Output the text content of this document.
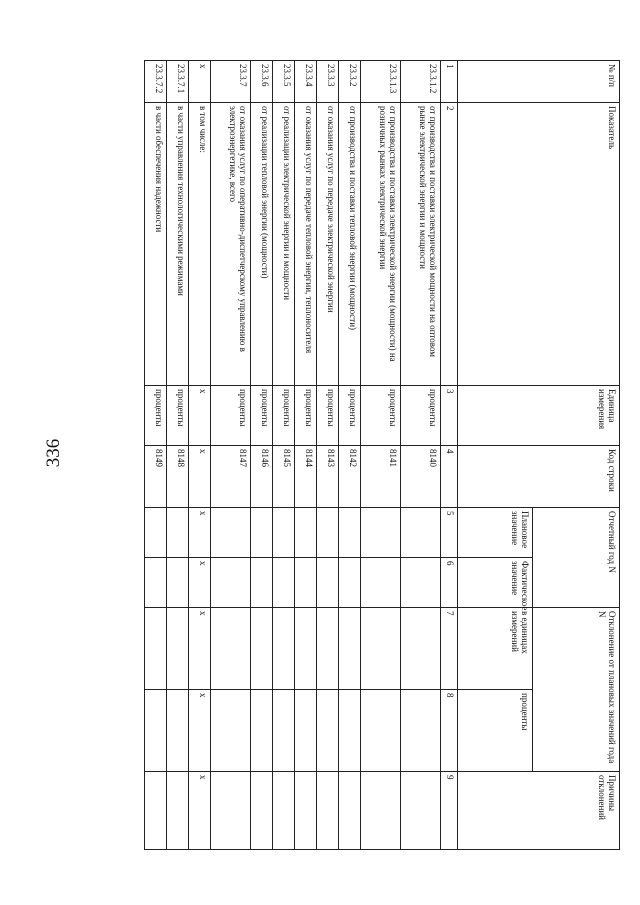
336
№ п/п	Показатель	Единица измерения	Код строки	Отчетный год N		Отклонение от плановых значений года N		Причины отклонений
				Плановое значение	Фактическое значение	в единицах измерений	проценты	
1	2	3	4	5	6	7	8	9
23.3.1.2	от производства и поставки электрической мощности на оптовом рынке электрической энергии и мощности	проценты	8140					
23.3.1.3	от производства и поставки электрической энергии (мощности) на розничных рынках электрической энергии	проценты	8141					
23.3.2	от производства и поставки тепловой энергии (мощности)	проценты	8142					
23.3.3	от оказания услуг по передаче электрической энергии	проценты	8143					
23.3.4	от оказания услуг по передаче тепловой энергии, теплоносителя	проценты	8144					
23.3.5	от реализации электрической энергии и мощности	проценты	8145					
23.3.6	от реализации тепловой энергии (мощности)	проценты	8146					
23.3.7	от оказания услуг по оперативно-диспетчерскому управлению в электроэнергетике, всего	проценты	8147					
x	в том числе:	x	x	x	x	x	x	x
23.3.7.1	в части управления технологическими режимами	проценты	8148					
23.3.7.2	в части обеспечения надежности	проценты	8149					
